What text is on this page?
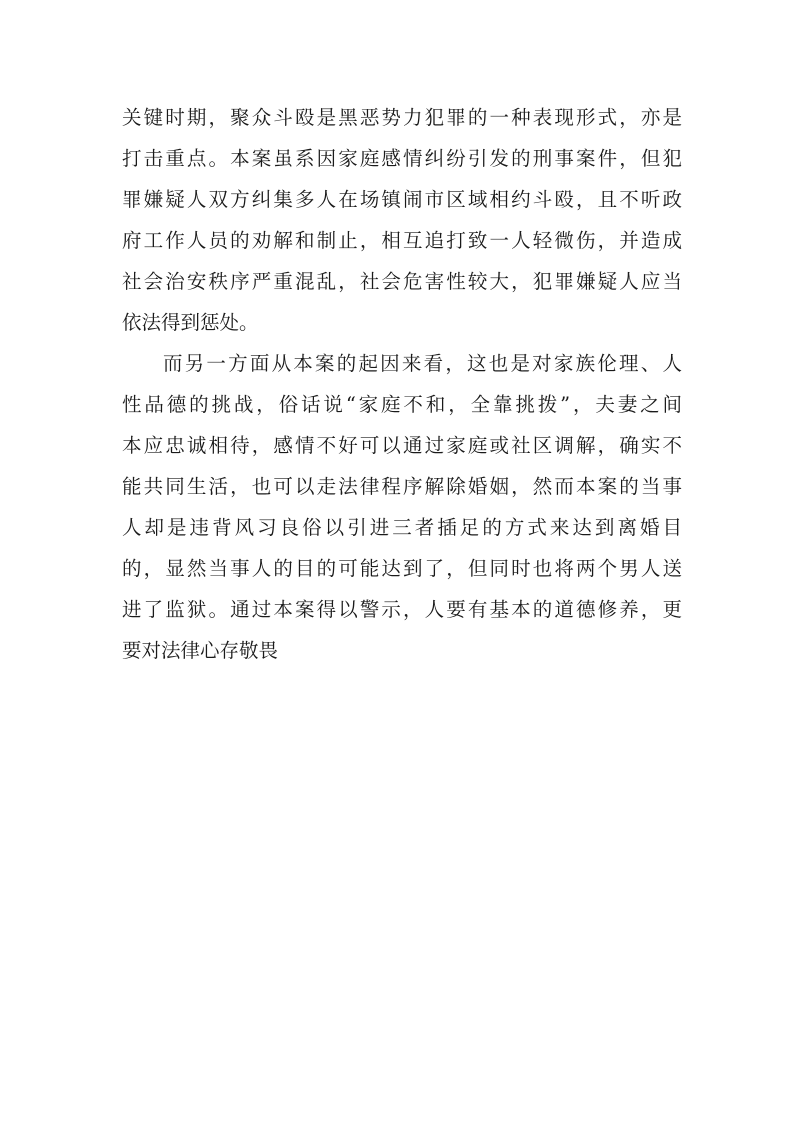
关键时期，聚众斗殴是黑恶势力犯罪的一种表现形式，亦是
打击重点。本案虽系因家庭感情纠纷引发的刑事案件，但犯
罪嫌疑人双方纠集多人在场镇闹市区域相约斗殴，且不听政
府工作人员的劝解和制止，相互追打致一人轻微伤，并造成
社会治安秩序严重混乱，社会危害性较大，犯罪嫌疑人应当
依法得到惩处。
而另一方面从本案的起因来看，这也是对家族伦理、人
性品德的挑战，俗话说“家庭不和，全靠挑拨”，夫妻之间
本应忠诚相待，感情不好可以通过家庭或社区调解，确实不
能共同生活，也可以走法律程序解除婚姻，然而本案的当事
人却是违背风习良俗以引进三者插足的方式来达到离婚目
的，显然当事人的目的可能达到了，但同时也将两个男人送
进了监狱。通过本案得以警示，人要有基本的道德修养，更
要对法律心存敬畏
